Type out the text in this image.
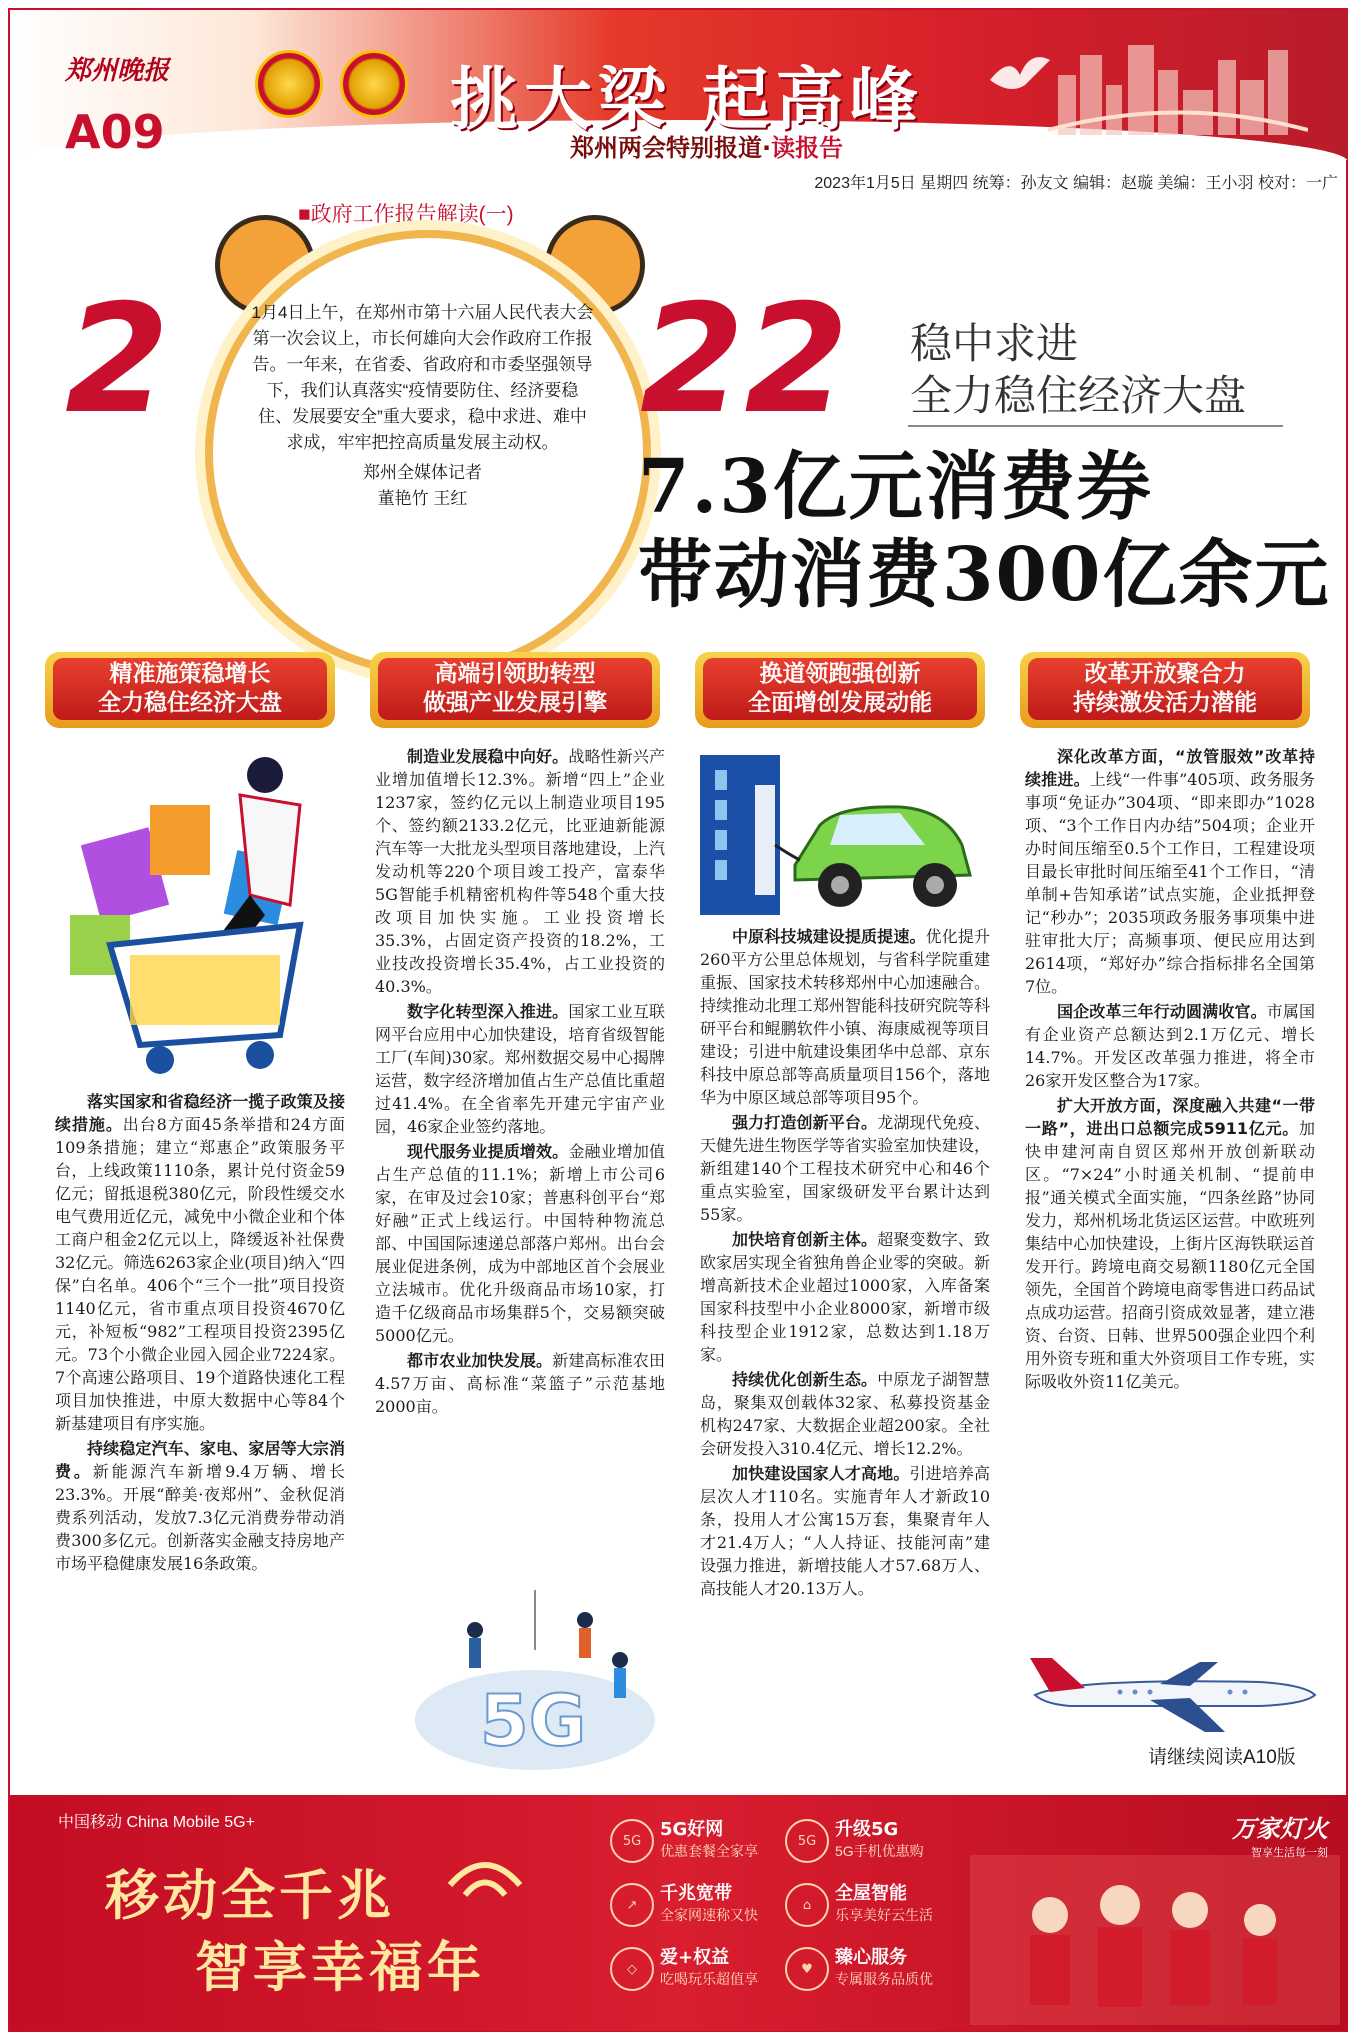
郑州晚报
A09	挑大梁 起高峰
郑州两会特别报道·读报告
2023年1月5日 星期四 统筹：孙友文 编辑：赵璇 美编：王小羽 校对：一广
■政府工作报告解读(一)
2	22
1月4日上午，在郑州市第十六届人民代表大会第一次会议上，市长何雄向大会作政府工作报告。一年来，在省委、省政府和市委坚强领导下，我们认真落实“疫情要防住、经济要稳住、发展要安全”重大要求，稳中求进、难中求成，牢牢把控高质量发展主动权。
郑州全媒体记者
董艳竹 王红
稳中求进
全力稳住经济大盘
7.3亿元消费券
带动消费300亿余元
精准施策稳增长
全力稳住经济大盘
高端引领助转型
做强产业发展引擎
换道领跑强创新
全面增创发展动能
改革开放聚合力
持续激发活力潜能

落实国家和省稳经济一揽子政策及接续措施。出台8方面45条举措和24方面109条措施；建立“郑惠企”政策服务平台，上线政策1110条，累计兑付资金59亿元；留抵退税380亿元，阶段性缓交水电气费用近亿元，减免中小微企业和个体工商户租金2亿元以上，降缓返补社保费32亿元。筛选6263家企业(项目)纳入“四保”白名单。406个“三个一批”项目投资1140亿元，省市重点项目投资4670亿元，补短板“982”工程项目投资2395亿元。73个小微企业园入园企业7224家。7个高速公路项目、19个道路快速化工程项目加快推进，中原大数据中心等84个新基建项目有序实施。

持续稳定汽车、家电、家居等大宗消费。新能源汽车新增9.4万辆、增长23.3%。开展“醉美·夜郑州”、金秋促消费系列活动，发放7.3亿元消费券带动消费300多亿元。创新落实金融支持房地产市场平稳健康发展16条政策。

制造业发展稳中向好。战略性新兴产业增加值增长12.3%。新增“四上”企业1237家，签约亿元以上制造业项目195个、签约额2133.2亿元，比亚迪新能源汽车等一大批龙头型项目落地建设，上汽发动机等220个项目竣工投产，富泰华5G智能手机精密机构件等548个重大技改项目加快实施。工业投资增长35.3%，占固定资产投资的18.2%，工业技改投资增长35.4%，占工业投资的40.3%。

数字化转型深入推进。国家工业互联网平台应用中心加快建设，培育省级智能工厂(车间)30家。郑州数据交易中心揭牌运营，数字经济增加值占生产总值比重超过41.4%。在全省率先开建元宇宙产业园，46家企业签约落地。

现代服务业提质增效。金融业增加值占生产总值的11.1%；新增上市公司6家，在审及过会10家；普惠科创平台“郑好融”正式上线运行。中国特种物流总部、中国国际速递总部落户郑州。出台会展业促进条例，成为中部地区首个会展业立法城市。优化升级商品市场10家，打造千亿级商品市场集群5个，交易额突破5000亿元。

都市农业加快发展。新建高标准农田4.57万亩、高标准“菜篮子”示范基地2000亩。

5G

中原科技城建设提质提速。优化提升260平方公里总体规划，与省科学院重建重振、国家技术转移郑州中心加速融合。持续推动北理工郑州智能科技研究院等科研平台和鲲鹏软件小镇、海康威视等项目建设；引进中航建设集团华中总部、京东科技中原总部等高质量项目156个，落地华为中原区域总部等项目95个。

强力打造创新平台。龙湖现代免疫、天健先进生物医学等省实验室加快建设，新组建140个工程技术研究中心和46个重点实验室，国家级研发平台累计达到55家。

加快培育创新主体。超聚变数字、致欧家居实现全省独角兽企业零的突破。新增高新技术企业超过1000家，入库备案国家科技型中小企业8000家，新增市级科技型企业1912家，总数达到1.18万家。

持续优化创新生态。中原龙子湖智慧岛，聚集双创载体32家、私募投资基金机构247家、大数据企业超200家。全社会研发投入310.4亿元、增长12.2%。

加快建设国家人才高地。引进培养高层次人才110名。实施青年人才新政10条，投用人才公寓15万套，集聚青年人才21.4万人；“人人持证、技能河南”建设强力推进，新增技能人才57.68万人、高技能人才20.13万人。

深化改革方面，“放管服效”改革持续推进。上线“一件事”405项、政务服务事项“免证办”304项、“即来即办”1028项、“3个工作日内办结”504项；企业开办时间压缩至0.5个工作日，工程建设项目最长审批时间压缩至41个工作日，“清单制+告知承诺”试点实施，企业抵押登记“秒办”；2035项政务服务事项集中进驻审批大厅；高频事项、便民应用达到2614项，“郑好办”综合指标排名全国第7位。

国企改革三年行动圆满收官。市属国有企业资产总额达到2.1万亿元、增长14.7%。开发区改革强力推进，将全市26家开发区整合为17家。

扩大开放方面，深度融入共建“一带一路”，进出口总额完成5911亿元。加快申建河南自贸区郑州开放创新联动区。“7×24”小时通关机制、“提前申报”通关模式全面实施，“四条丝路”协同发力，郑州机场北货运区运营。中欧班列集结中心加快建设，上街片区海铁联运首发开行。跨境电商交易额1180亿元全国领先，全国首个跨境电商零售进口药品试点成功运营。招商引资成效显著，建立港资、台资、日韩、世界500强企业四个利用外资专班和重大外资项目工作专班，实际吸收外资11亿美元。

请继续阅读A10版
中国移动 China Mobile 5G+
移动全千兆
智享幸福年
5G
5G好网
优惠套餐全家享
5G
升级5G
5G手机优惠购
↗
千兆宽带
全家网速称又快
⌂
全屋智能
乐享美好云生活
◇
爱+权益
吃喝玩乐超值享
♥
臻心服务
专属服务品质优
万家灯火
智享生活每一刻
